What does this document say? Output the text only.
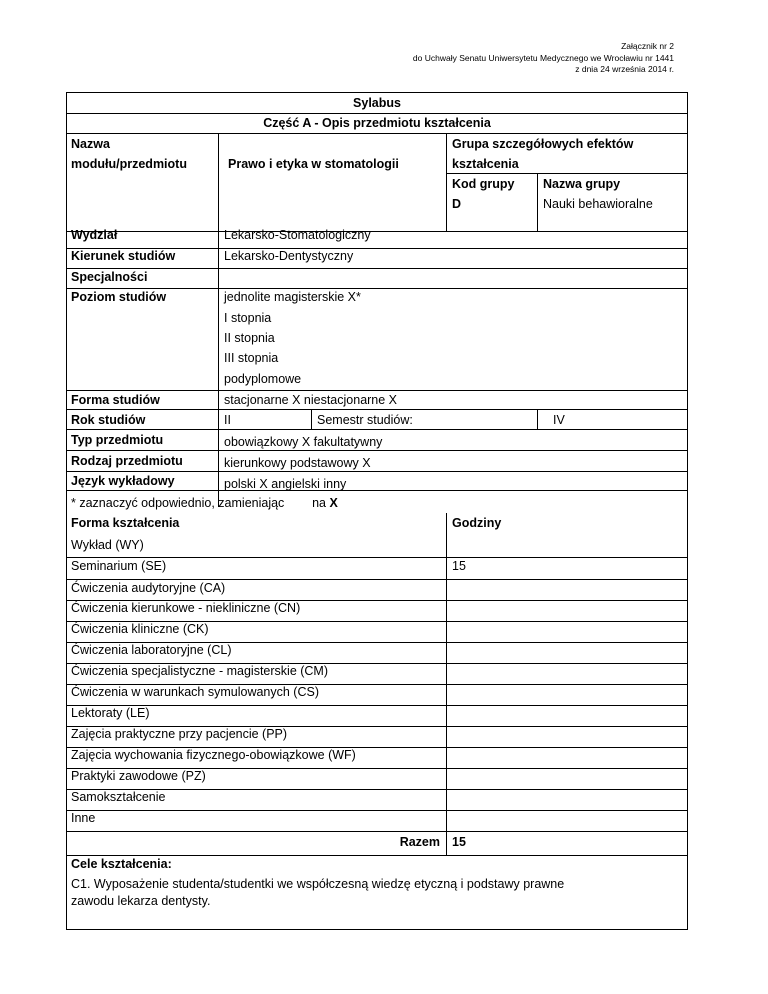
Załącznik nr 2
do Uchwały Senatu Uniwersytetu Medycznego we Wrocławiu nr 1441
z dnia 24 września 2014 r.
Sylabus
Część A - Opis przedmiotu kształcenia
Nazwa
modułu/przedmiotu	Prawo i etyka w stomatologii
Grupa szczegółowych efektów
kształcenia
Kod grupy
D
Nazwa grupy
Nauki behawioralne
Wydział	Lekarsko-Stomatologiczny
Kierunek studiów	Lekarsko-Dentystyczny
Specjalności
Poziom studiów	jednolite magisterskie X*
I stopnia
II stopnia
III stopnia
podyplomowe
Forma studiów	stacjonarne X niestacjonarne X
Rok studiów	II	Semestr studiów:	IV
Typ przedmiotu	obowiązkowy X fakultatywny
Rodzaj przedmiotu	kierunkowy podstawowy X
Język wykładowy	polski X angielski inny
* zaznaczyć odpowiednio, zamieniając na X
Forma kształcenia	Godziny
Wykład (WY)
Seminarium (SE)	15
Ćwiczenia audytoryjne (CA)
Ćwiczenia kierunkowe - niekliniczne (CN)
Ćwiczenia kliniczne (CK)
Ćwiczenia laboratoryjne (CL)
Ćwiczenia specjalistyczne - magisterskie (CM)
Ćwiczenia w warunkach symulowanych (CS)
Lektoraty (LE)
Zajęcia praktyczne przy pacjencie (PP)
Zajęcia wychowania fizycznego-obowiązkowe (WF)
Praktyki zawodowe (PZ)
Samokształcenie
Inne
Razem 15
Cele kształcenia:
C1. Wyposażenie studenta/studentki we współczesną wiedzę etyczną i podstawy prawne
zawodu lekarza dentysty.
